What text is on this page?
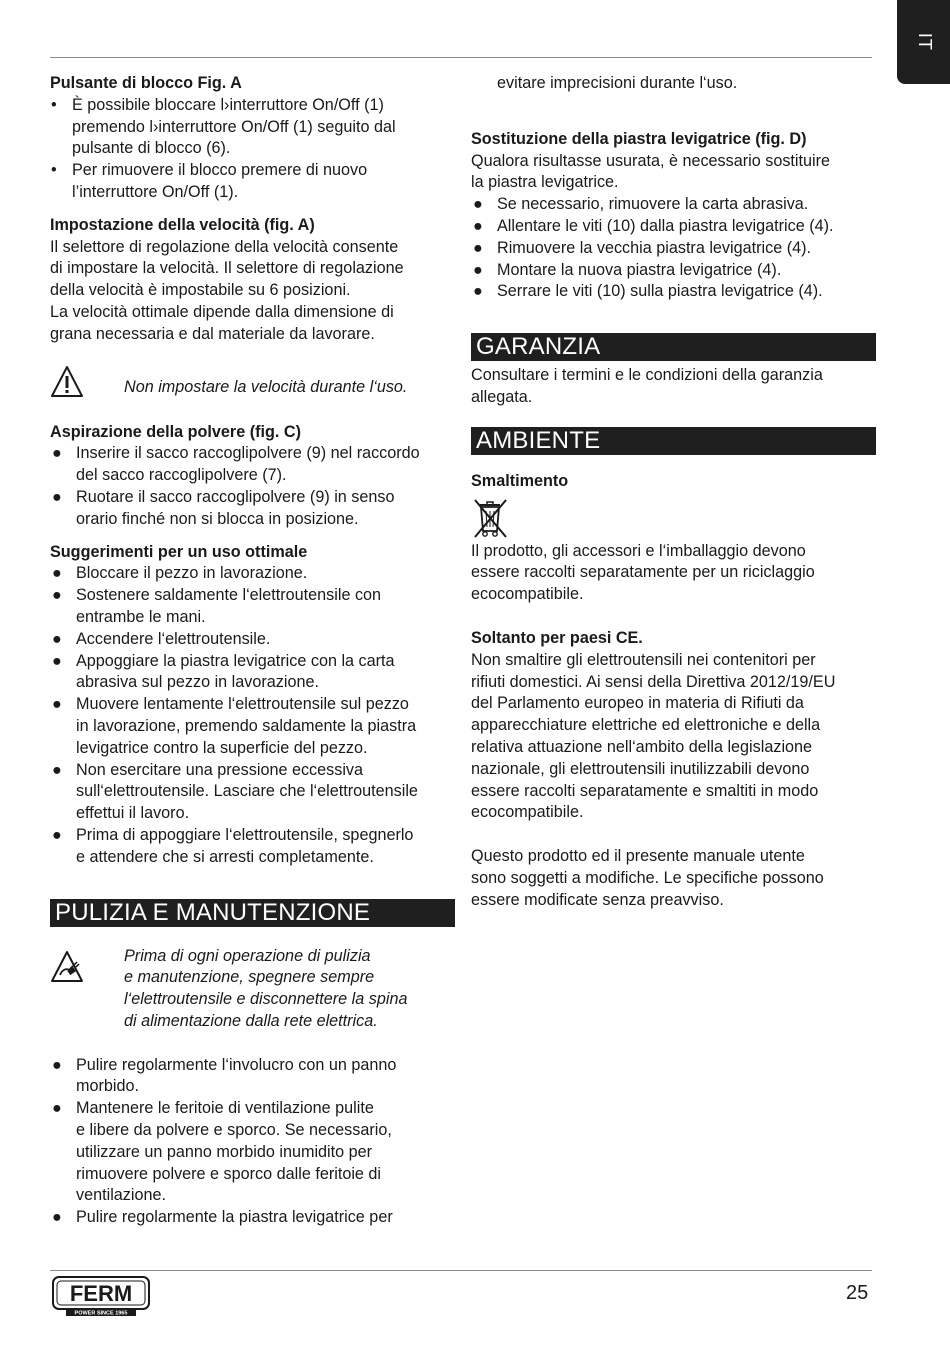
IT

Pulsante di blocco Fig. A

• È possibile bloccare l›interruttore On/Off (1)
premendo l›interruttore On/Off (1) seguito dal
pulsante di blocco (6).
• Per rimuovere il blocco premere di nuovo
l’interruttore On/Off (1).

Impostazione della velocità (fig. A)

Il selettore di regolazione della velocità consente
di impostare la velocità. Il selettore di regolazione
della velocità è impostabile su 6 posizioni.
La velocità ottimale dipende dalla dimensione di
grana necessaria e dal materiale da lavorare.
Non impostare la velocità durante l‘uso.

Aspirazione della polvere (fig. C)

● Inserire il sacco raccoglipolvere (9) nel raccordo
del sacco raccoglipolvere (7).
● Ruotare il sacco raccoglipolvere (9) in senso
orario finché non si blocca in posizione.

Suggerimenti per un uso ottimale

● Bloccare il pezzo in lavorazione.
● Sostenere saldamente l‘elettroutensile con
entrambe le mani.
● Accendere l‘elettroutensile.
● Appoggiare la piastra levigatrice con la carta
abrasiva sul pezzo in lavorazione.
● Muovere lentamente l‘elettroutensile sul pezzo
in lavorazione, premendo saldamente la piastra
levigatrice contro la superficie del pezzo.
● Non esercitare una pressione eccessiva
sull‘elettroutensile. Lasciare che l‘elettroutensile
effettui il lavoro.
● Prima di appoggiare l‘elettroutensile, spegnerlo
e attendere che si arresti completamente.
PULIZIA E MANUTENZIONE
Prima di ogni operazione di pulizia
e manutenzione, spegnere sempre
l‘elettroutensile e disconnettere la spina
di alimentazione dalla rete elettrica.
● Pulire regolarmente l‘involucro con un panno
morbido.
● Mantenere le feritoie di ventilazione pulite
e libere da polvere e sporco. Se necessario,
utilizzare un panno morbido inumidito per
rimuovere polvere e sporco dalle feritoie di
ventilazione.
● Pulire regolarmente la piastra levigatrice per
evitare imprecisioni durante l‘uso.

Sostituzione della piastra levigatrice (fig. D)

Qualora risultasse usurata, è necessario sostituire
la piastra levigatrice.
● Se necessario, rimuovere la carta abrasiva.
● Allentare le viti (10) dalla piastra levigatrice (4).
● Rimuovere la vecchia piastra levigatrice (4).
● Montare la nuova piastra levigatrice (4).
● Serrare le viti (10) sulla piastra levigatrice (4).
GARANZIA
Consultare i termini e le condizioni della garanzia
allegata.
AMBIENTE

Smaltimento

Il prodotto, gli accessori e l‘imballaggio devono
essere raccolti separatamente per un riciclaggio
ecocompatibile.

Soltanto per paesi CE.

Non smaltire gli elettroutensili nei contenitori per
rifiuti domestici. Ai sensi della Direttiva 2012/19/EU
del Parlamento europeo in materia di Rifiuti da
apparecchiature elettriche ed elettroniche e della
relativa attuazione nell‘ambito della legislazione
nazionale, gli elettroutensili inutilizzabili devono
essere raccolti separatamente e smaltiti in modo
ecocompatibile.
Questo prodotto ed il presente manuale utente
sono soggetti a modifiche. Le specifiche possono
essere modificate senza preavviso.
FERM
POWER SINCE 1965
25
